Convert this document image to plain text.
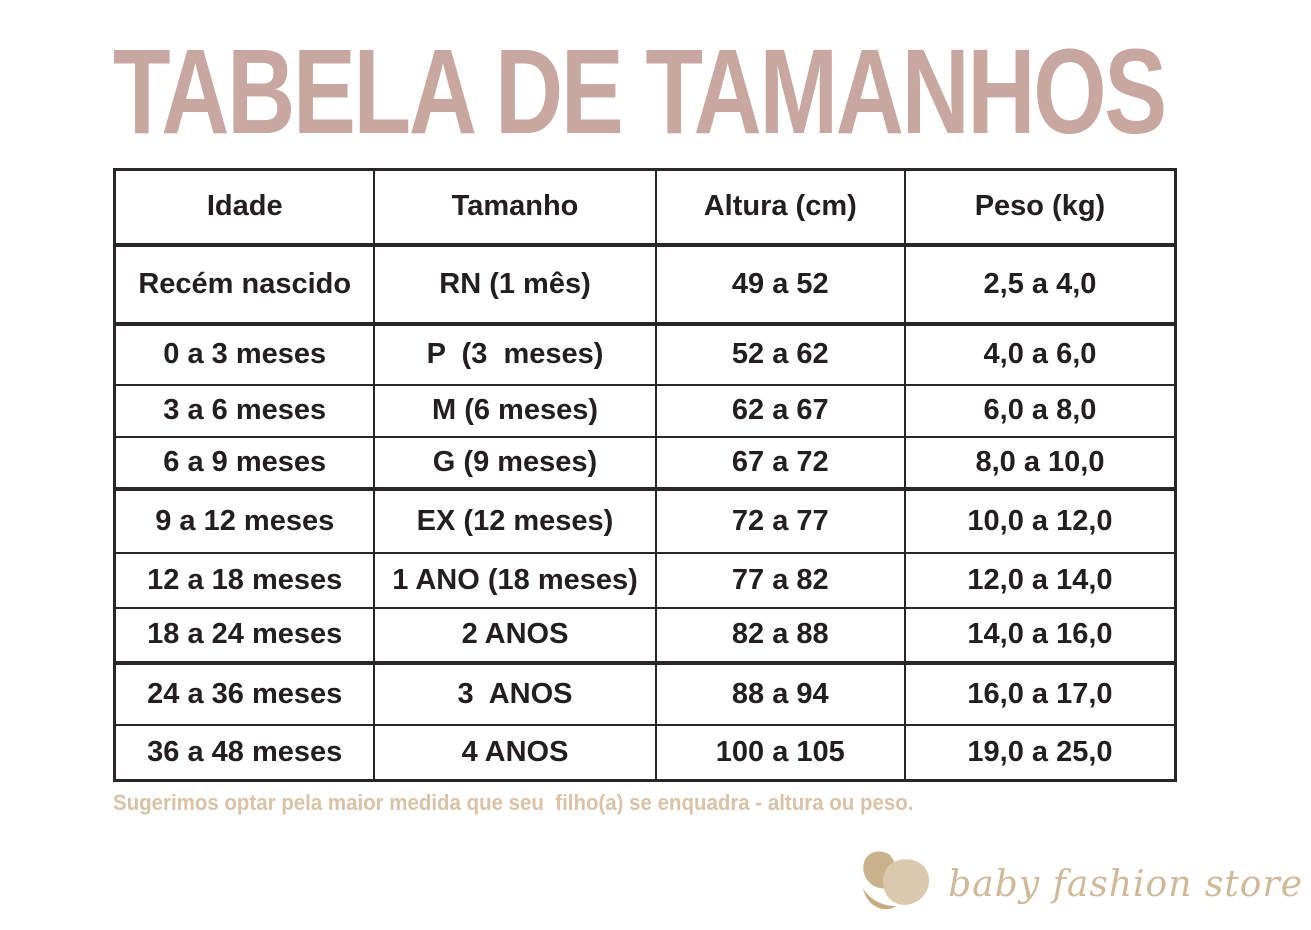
TABELA DE TAMANHOS
Idade	Tamanho	Altura (cm)	Peso (kg)
Recém nascido	RN (1 mês)	49 a 52	2,5 a 4,0
0 a 3 meses	P  (3  meses)	52 a 62	4,0 a 6,0
3 a 6 meses	M (6 meses)	62 a 67	6,0 a 8,0
6 a 9 meses	G (9 meses)	67 a 72	8,0 a 10,0
9 a 12 meses	EX (12 meses)	72 a 77	10,0 a 12,0
12 a 18 meses	1 ANO (18 meses)	77 a 82	12,0 a 14,0
18 a 24 meses	2 ANOS	82 a 88	14,0 a 16,0
24 a 36 meses	3  ANOS	88 a 94	16,0 a 17,0
36 a 48 meses	4 ANOS	100 a 105	19,0 a 25,0

Sugerimos optar pela maior medida que seu  filho(a) se enquadra - altura ou peso.

baby fashion store
